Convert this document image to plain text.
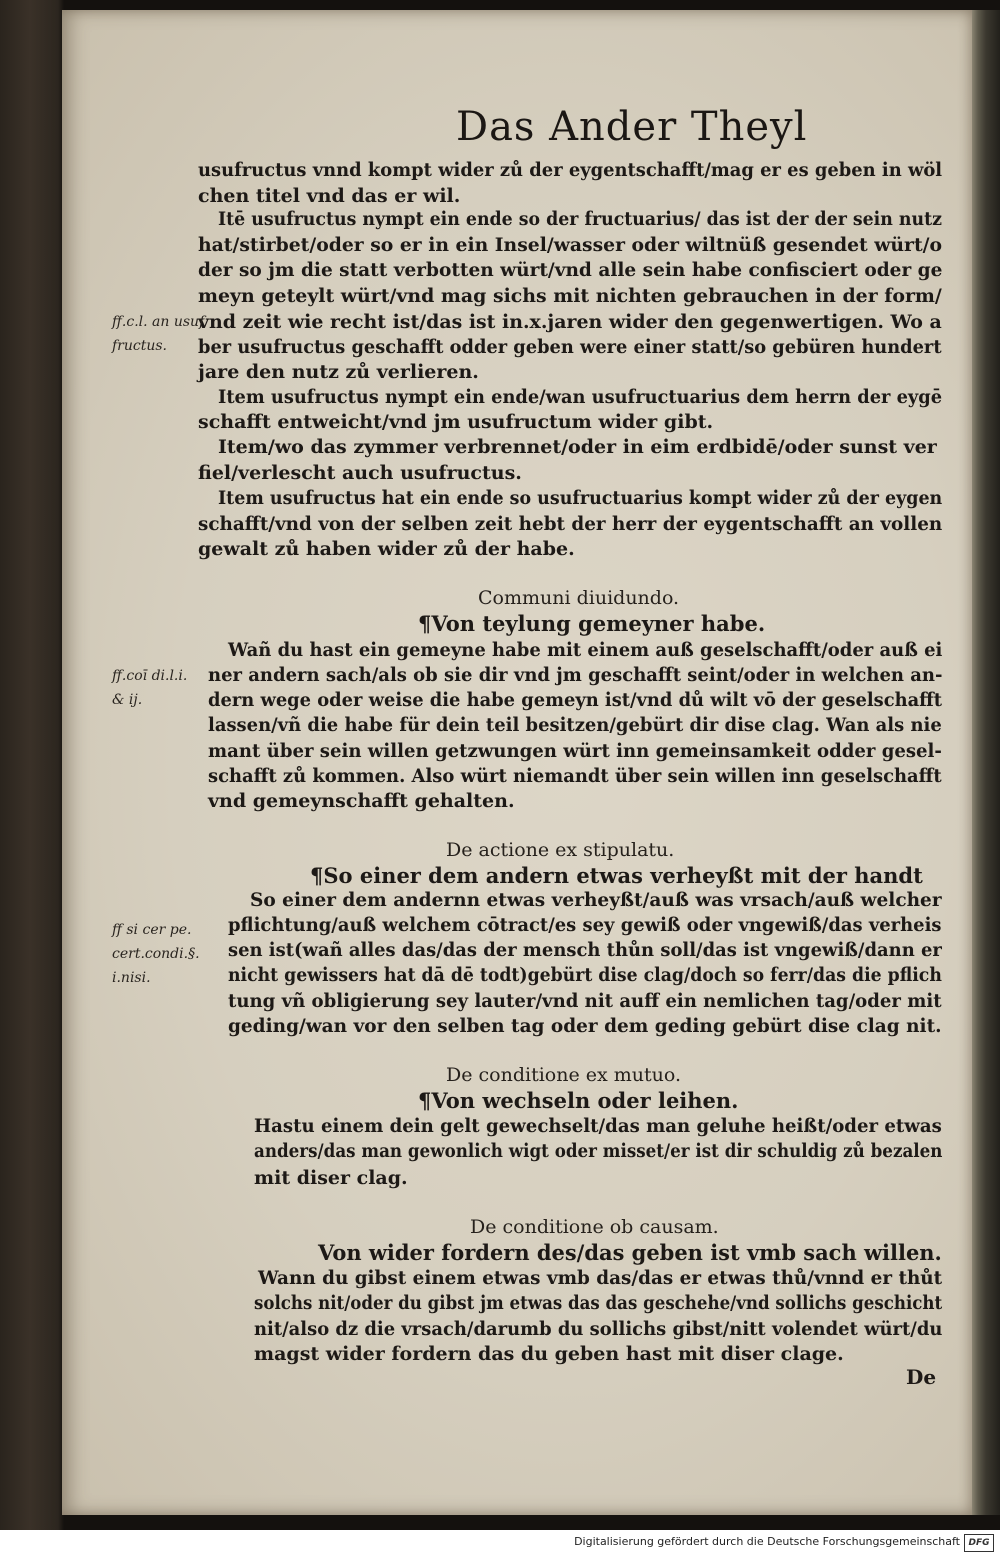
Das Ander Theyl
usufructus vnnd kompt wider zů der eygentschafft/mag er es geben in wöl
chen titel vnd das er wil.
Itē usufructus nympt ein ende so der fructuarius/ das ist der der sein nutz
hat/stirbet/oder so er in ein Insel/wasser oder wiltnüß gesendet würt/o
der so jm die statt verbotten würt/vnd alle sein habe confisciert oder ge
meyn geteylt würt/vnd mag sichs mit nichten gebrauchen in der form/
vnd zeit wie recht ist/das ist in.x.jaren wider den gegenwertigen. Wo a
ber usufructus geschafft odder geben were einer statt/so gebüren hundert
jare den nutz zů verlieren.
Item usufructus nympt ein ende/wan usufructuarius dem herrn der eygē
schafft entweicht/vnd jm usufructum wider gibt.
Item/wo das zymmer verbrennet/oder in eim erdbidē/oder sunst ver
fiel/verlescht auch usufructus.
Item usufructus hat ein ende so usufructuarius kompt wider zů der eygen
schafft/vnd von der selben zeit hebt der herr der eygentschafft an vollen
gewalt zů haben wider zů der habe.
Communi diuidundo.
¶Von teylung gemeyner habe.
Wañ du hast ein gemeyne habe mit einem auß geselschafft/oder auß ei
ner andern sach/als ob sie dir vnd jm geschafft seint/oder in welchen an-
dern wege oder weise die habe gemeyn ist/vnd dů wilt vō der geselschafft
lassen/vñ die habe für dein teil besitzen/gebürt dir dise clag. Wan als nie
mant über sein willen getzwungen würt inn gemeinsamkeit odder gesel-
schafft zů kommen. Also würt niemandt über sein willen inn geselschafft
vnd gemeynschafft gehalten.
De actione ex stipulatu.
¶So einer dem andern etwas verheyßt mit der handt
So einer dem andernn etwas verheyßt/auß was vrsach/auß welcher
pflichtung/auß welchem cōtract/es sey gewiß oder vngewiß/das verheis
sen ist(wañ alles das/das der mensch thůn soll/das ist vngewiß/dann er
nicht gewissers hat dā dē todt)gebürt dise clag/doch so ferr/das die pflich
tung vñ obligierung sey lauter/vnd nit auff ein nemlichen tag/oder mit
geding/wan vor den selben tag oder dem geding gebürt dise clag nit.
De conditione ex mutuo.
¶Von wechseln oder leihen.
Hastu einem dein gelt gewechselt/das man geluhe heißt/oder etwas
anders/das man gewonlich wigt oder misset/er ist dir schuldig zů bezalen
mit diser clag.
De conditione ob causam.
Von wider fordern des/das geben ist vmb sach willen.
Wann du gibst einem etwas vmb das/das er etwas thů/vnnd er thůt
solchs nit/oder du gibst jm etwas das das geschehe/vnd sollichs geschicht
nit/also dz die vrsach/darumb du sollichs gibst/nitt volendet würt/du
magst wider fordern das du geben hast mit diser clage.
ff.c.l. an usuf
fructus.
ff.coī di.l.i.
& ij.
ff si cer pe.
cert.condi.§.
i.nisi.
De
Digitalisierung gefördert durch die Deutsche Forschungsgemeinschaft DFG
